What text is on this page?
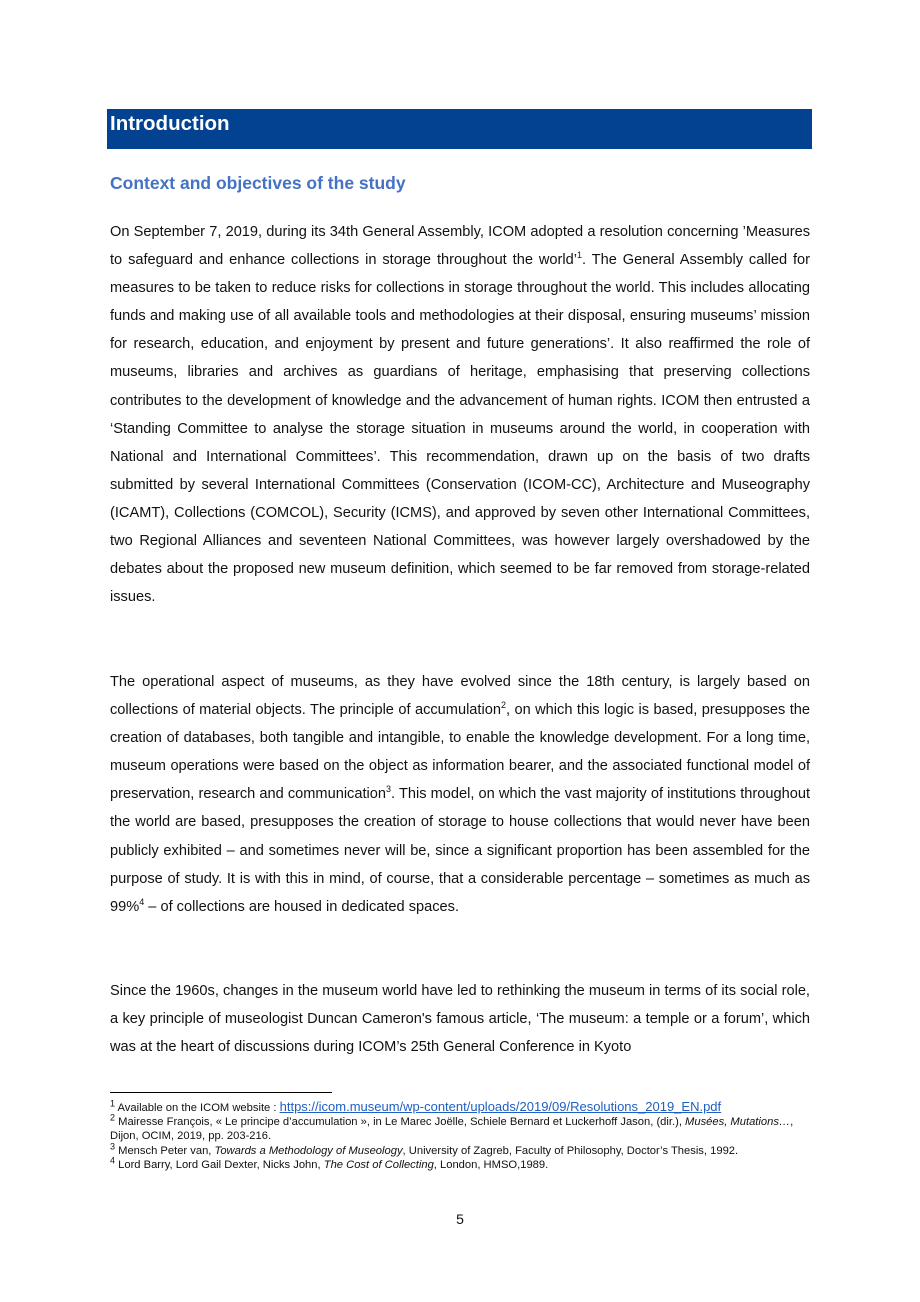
Introduction
Context and objectives of the study

On September 7, 2019, during its 34th General Assembly, ICOM adopted a resolution concerning ’Measures to safeguard and enhance collections in storage throughout the world’$^1$. The General Assembly called for measures to be taken to reduce risks for collections in storage throughout the world. This includes allocating funds and making use of all available tools and methodologies at their disposal, ensuring museums’ mission for research, education, and enjoyment by present and future generations’. It also reaffirmed the role of museums, libraries and archives as guardians of heritage, emphasising that preserving collections contributes to the development of knowledge and the advancement of human rights. ICOM then entrusted a ‘Standing Committee to analyse the storage situation in museums around the world, in cooperation with National and International Committees’. This recommendation, drawn up on the basis of two drafts submitted by several International Committees (Conservation (ICOM-CC), Architecture and Museography (ICAMT), Collections (COMCOL), Security (ICMS), and approved by seven other International Committees, two Regional Alliances and seventeen National Committees, was however largely overshadowed by the debates about the proposed new museum definition, which seemed to be far removed from storage-related issues.

The operational aspect of museums, as they have evolved since the 18th century, is largely based on collections of material objects. The principle of accumulation$^2$, on which this logic is based, presupposes the creation of databases, both tangible and intangible, to enable the knowledge development. For a long time, museum operations were based on the object as information bearer, and the associated functional model of preservation, research and communication$^3$. This model, on which the vast majority of institutions throughout the world are based, presupposes the creation of storage to house collections that would never have been publicly exhibited – and sometimes never will be, since a significant proportion has been assembled for the purpose of study. It is with this in mind, of course, that a considerable percentage – sometimes as much as 99%$^4$ – of collections are housed in dedicated spaces.

Since the 1960s, changes in the museum world have led to rethinking the museum in terms of its social role, a key principle of museologist Duncan Cameron's famous article, ‘The museum: a temple or a forum’, which was at the heart of discussions during ICOM’s 25th General Conference in Kyoto

$^1$ Available on the ICOM website : https://icom.museum/wp-content/uploads/2019/09/Resolutions_2019_EN.pdf

$^2$ Mairesse François, « Le principe d’accumulation », in Le Marec Joëlle, Schiele Bernard et Luckerhoff Jason, (dir.), Musées, Mutations…, Dijon, OCIM, 2019, pp. 203-216.

$^3$ Mensch Peter van, Towards a Methodology of Museology, University of Zagreb, Faculty of Philosophy, Doctor’s Thesis, 1992.

$^4$ Lord Barry, Lord Gail Dexter, Nicks John, The Cost of Collecting, London, HMSO,1989.

5
